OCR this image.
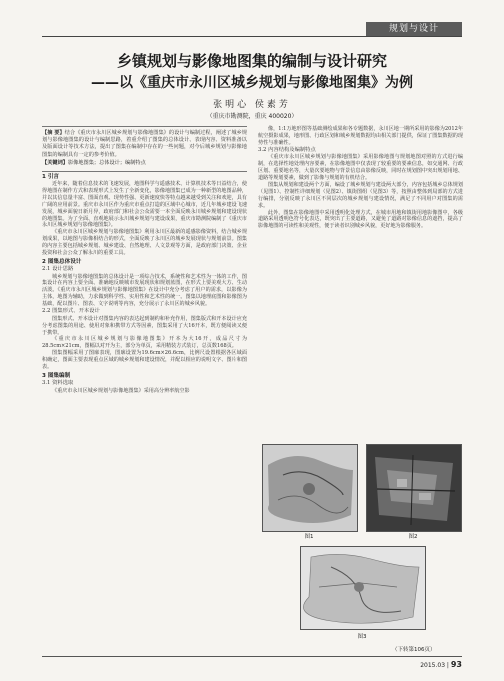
规划与设计
乡镇规划与影像地图集的编制与设计研究
——以《重庆市永川区城乡规划与影像地图集》为例
张明心 侯素芳
（重庆市勘测院，重庆 400020）
【摘 要】结合《重庆市永川区城乡规划与影像地图集》的设计与编制过程，阐述了城乡规划与影像地图集的设计与编制思路，着重介绍了图集的总体设计、表现内容、资料准备以及版面设计等技术方法，提出了图集在编制中存在的一些问题，对今后城乡规划与影像地图集的编制具有一定的参考价值。
【关键词】影像地图集；总体设计；编制特点

1 引言

近年来，随着信息技术的飞速发展，地图科学与遥感技术、计算机技术等日益结合，使得地图在制作方式和表现形式上发生了全新变化，影像地图集已成为一种新型的地图品种，并以其信息量丰富、图面直观、现势性强、更新速度快等特点越来越受到关注和欢迎，具有广阔的应用前景。重庆市永川区作为重庆市重点打造的区域中心城市，近几年城乡建设飞速发展，城乡面貌日新月异，政府部门和社会公众需要一本全面反映永川城乡规划和建设现状的地图集。为了全面、直观地展示永川城乡规划与建设成果，重庆市勘测院编制了《重庆市永川区城乡规划与影像地图集》。

《重庆市永川区城乡规划与影像地图集》利用永川区最新的遥感影像资料，结合城乡规划成果，以地图与影像相结合的形式，全面反映了永川区的城乡发展现状与规划前景。图集的内容主要包括城乡规划、城乡建设、自然地理、人文景观等方面，是政府部门决策、企业投资和社会公众了解永川的重要工具。

2 图集总体设计

2.1 设计思路

城乡规划与影像地图集的总体设计是一项综合技术，系统性和艺术性为一体的工作，图集设计在内容上要全面、准确地反映城市发展现状和规划蓝图，在形式上要美观大方、生动活泼。《重庆市永川区城乡规划与影像地图集》在设计中充分考虑了用户的需求，以影像为主体，地图为辅助，力求做到科学性、实用性和艺术性的统一。图集以地理底图和影像图为基础，配以图片、图表、文字说明等内容，充分展示了永川区的城乡风貌。

2.2 图集形式、开本设计

图集形式、开本设计对图集内容的表达起到制约和补充作用，图集版式和开本设计应充分考虑图集的用途、使用对象和携带方式等因素，图集采用了大16开本，既方便阅读又便于携带。

《重庆市永川区城乡规划与影像地图集》开本为大16开，成品尺寸为28.5cm×21cm，图幅以对开为主，部分为单页，采用精装方式装订，总页数168页。

图集图幅采用了图廓表现，图廓设置为19.6cm×26.6cm，比例尺设置根据各区域面积确定，图面主要表现重点区域的城乡规划和建设情况，并配以相应的说明文字、图片和图表。

3 图集编制

3.1 资料选取

《重庆市永川区城乡规划与影像地图集》采用高分辨率航空影

像，1:1万地形图等基础测绘成果和各专题数据，永川区地一期所采用的影像为2012年航空摄影成果，地形图、行政区划和城乡规划数据均由相关部门提供，保证了图集数据的现势性与准确性。

3.2 内容结构及编制特点

《重庆市永川区城乡规划与影像地图集》采用影像地图与规划地图对照的方式进行编制，在选择性地处理内容要素，在影像地图中仅表现了较重要的要素信息，如交通网、行政区划、重要地名等，大量次要地物与背景信息由影像反映，同时在规划图中突出规划用地、道路等规划要素，做到了影像与规划的有机结合。

图集从规划和建设两个方面，编设了城乡规划与建设两大部分，内容包括城乡总体规划（见图1）、控制性详细规划（见图2）、镇街图组（见图3）等，按照由整体到局部的方式进行编排，分别反映了永川区不同层次的城乡规划与建设情况，满足了不同用户对图集的需求。

此外，图集在影像地图中采用透明化处理方式，在城市用地和镇街用地影像图中，各级道路采用透明色符号化表达，既突出了主要道路，又避免了道路对影像信息的遮挡，提高了影像地图的可读性和美观性，便于读者识别城乡风貌，更好地为影像服务。

图1	图2
图3
（下转第106页）
2015.03 | 93
